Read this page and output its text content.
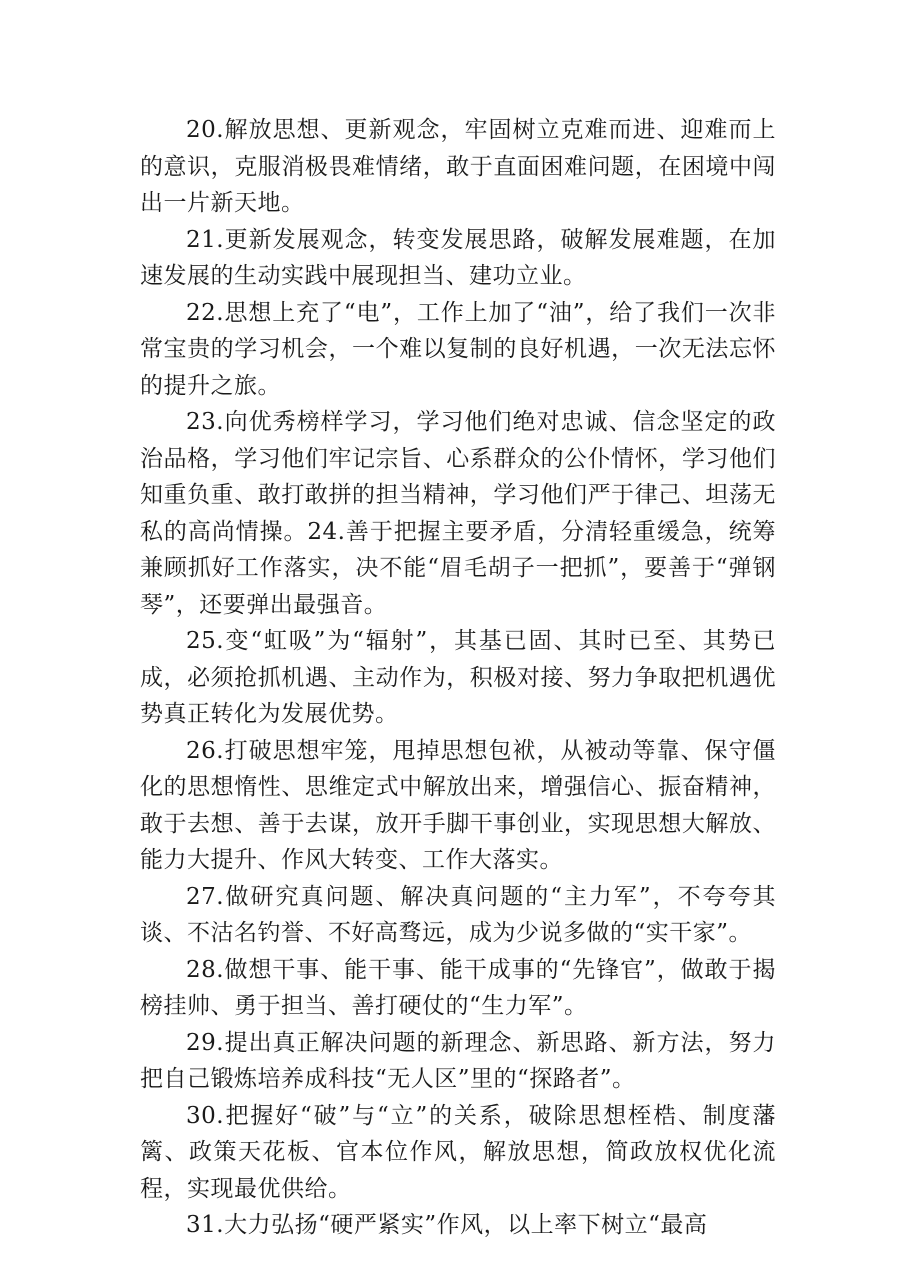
20.解放思想、更新观念，牢固树立克难而进、迎难而上的意识，克服消极畏难情绪，敢于直面困难问题，在困境中闯出一片新天地。

21.更新发展观念，转变发展思路，破解发展难题，在加速发展的生动实践中展现担当、建功立业。

22.思想上充了“电”，工作上加了“油”，给了我们一次非常宝贵的学习机会，一个难以复制的良好机遇，一次无法忘怀的提升之旅。

23.向优秀榜样学习，学习他们绝对忠诚、信念坚定的政治品格，学习他们牢记宗旨、心系群众的公仆情怀，学习他们知重负重、敢打敢拼的担当精神，学习他们严于律己、坦荡无私的高尚情操。24.善于把握主要矛盾，分清轻重缓急，统筹兼顾抓好工作落实，决不能“眉毛胡子一把抓”，要善于“弹钢琴”，还要弹出最强音。

25.变“虹吸”为“辐射”，其基已固、其时已至、其势已成，必须抢抓机遇、主动作为，积极对接、努力争取把机遇优势真正转化为发展优势。

26.打破思想牢笼，甩掉思想包袱，从被动等靠、保守僵化的思想惰性、思维定式中解放出来，增强信心、振奋精神，敢于去想、善于去谋，放开手脚干事创业，实现思想大解放、能力大提升、作风大转变、工作大落实。

27.做研究真问题、解决真问题的“主力军”，不夸夸其谈、不沽名钓誉、不好高骛远，成为少说多做的“实干家”。

28.做想干事、能干事、能干成事的“先锋官”，做敢于揭榜挂帅、勇于担当、善打硬仗的“生力军”。

29.提出真正解决问题的新理念、新思路、新方法，努力把自己锻炼培养成科技“无人区”里的“探路者”。

30.把握好“破”与“立”的关系，破除思想桎梏、制度藩篱、政策天花板、官本位作风，解放思想，简政放权优化流程，实现最优供给。

31.大力弘扬“硬严紧实”作风，以上率下树立“最高
